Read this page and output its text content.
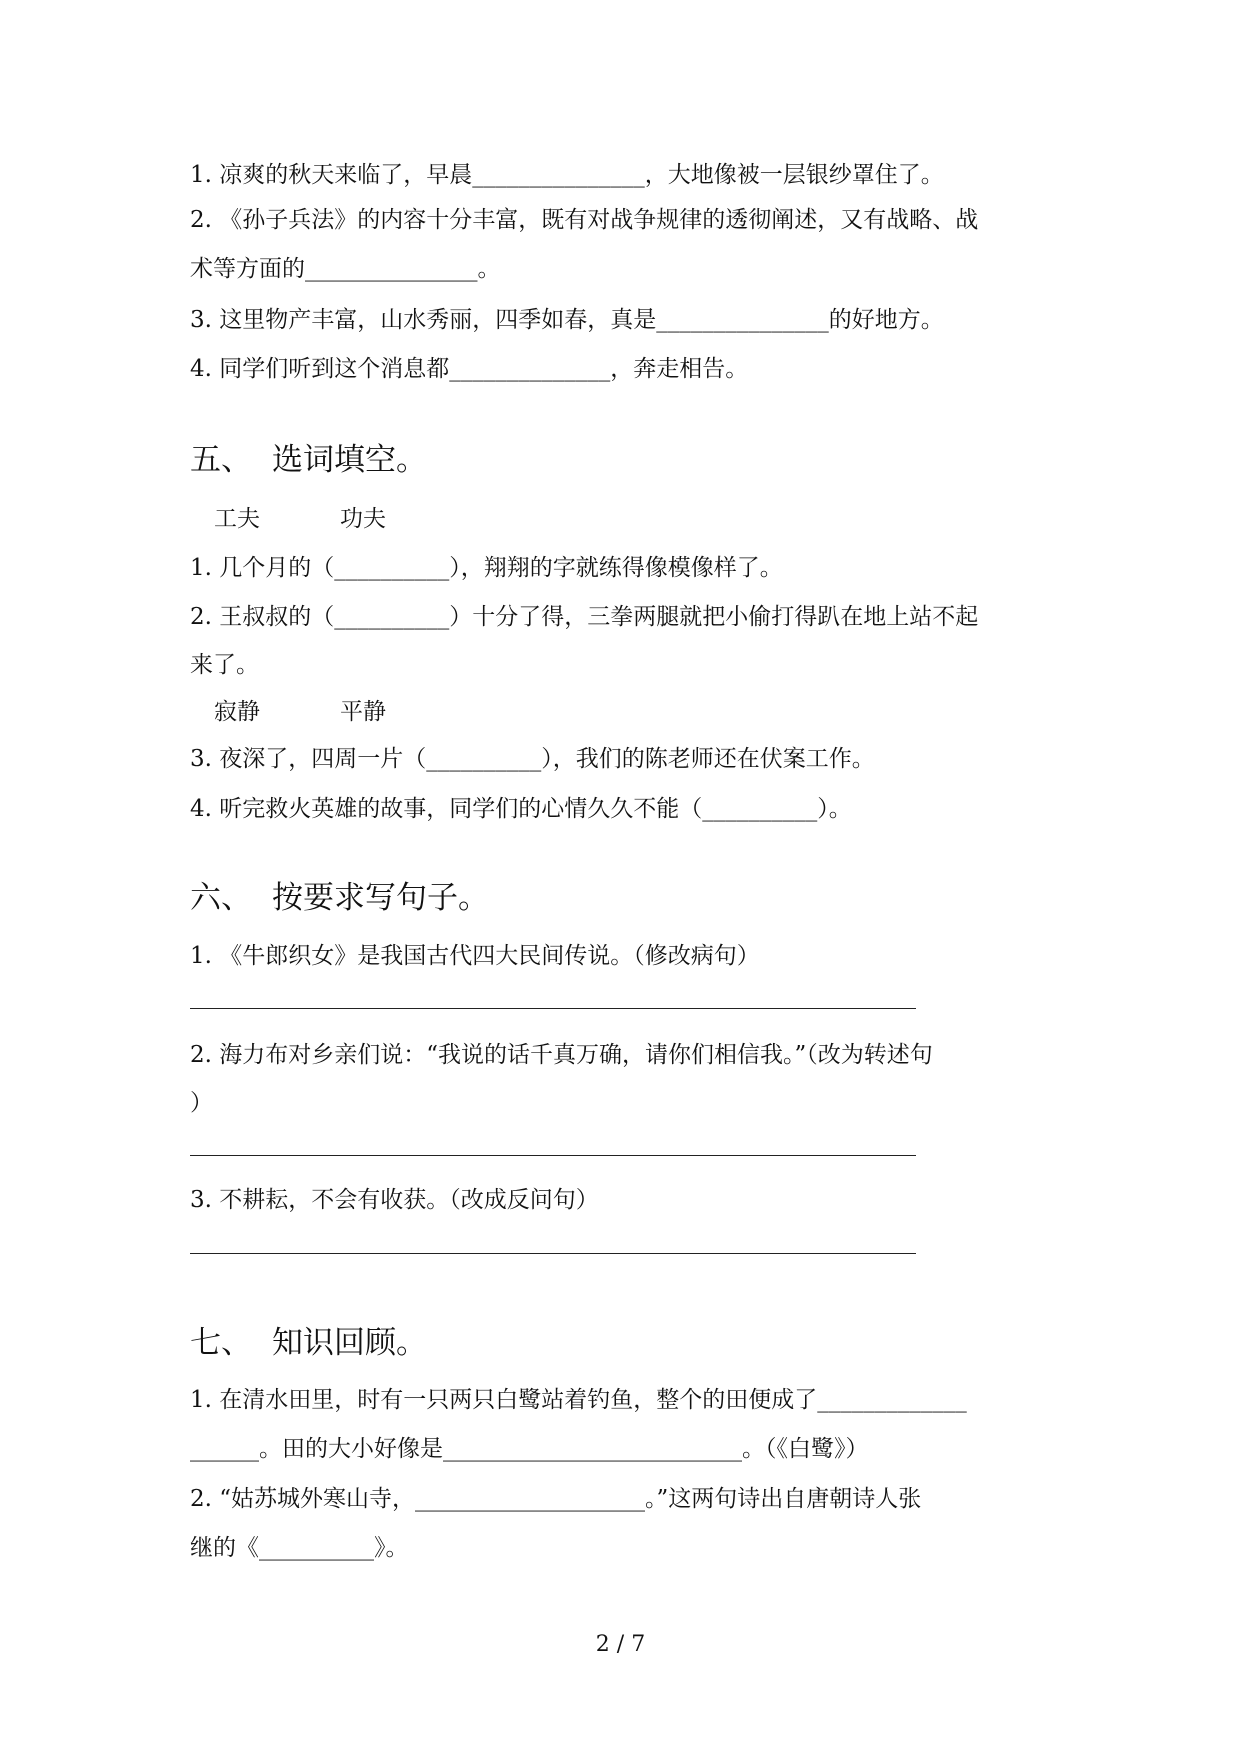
1. 凉爽的秋天来临了，早晨_______________，大地像被一层银纱罩住了。
2. 《孙子兵法》的内容十分丰富，既有对战争规律的透彻阐述，又有战略、战
术等方面的_______________。
3. 这里物产丰富，山水秀丽，四季如春，真是_______________的好地方。
4. 同学们听到这个消息都______________，奔走相告。
五、 选词填空。
工夫	功夫
1. 几个月的（__________），翔翔的字就练得像模像样了。
2. 王叔叔的（__________）十分了得，三拳两腿就把小偷打得趴在地上站不起
来了。
寂静	平静
3. 夜深了，四周一片（__________），我们的陈老师还在伏案工作。
4. 听完救火英雄的故事，同学们的心情久久不能（__________）。
六、 按要求写句子。
1. 《牛郎织女》是我国古代四大民间传说。（修改病句）
2. 海力布对乡亲们说：“我说的话千真万确，请你们相信我。”（改为转述句
）
3. 不耕耘，不会有收获。（改成反问句）
七、 知识回顾。
1. 在清水田里，时有一只两只白鹭站着钓鱼，整个的田便成了_____________
______。田的大小好像是__________________________。（《白鹭》）
2. “姑苏城外寒山寺，____________________。”这两句诗出自唐朝诗人张
继的《__________》。
2 / 7
